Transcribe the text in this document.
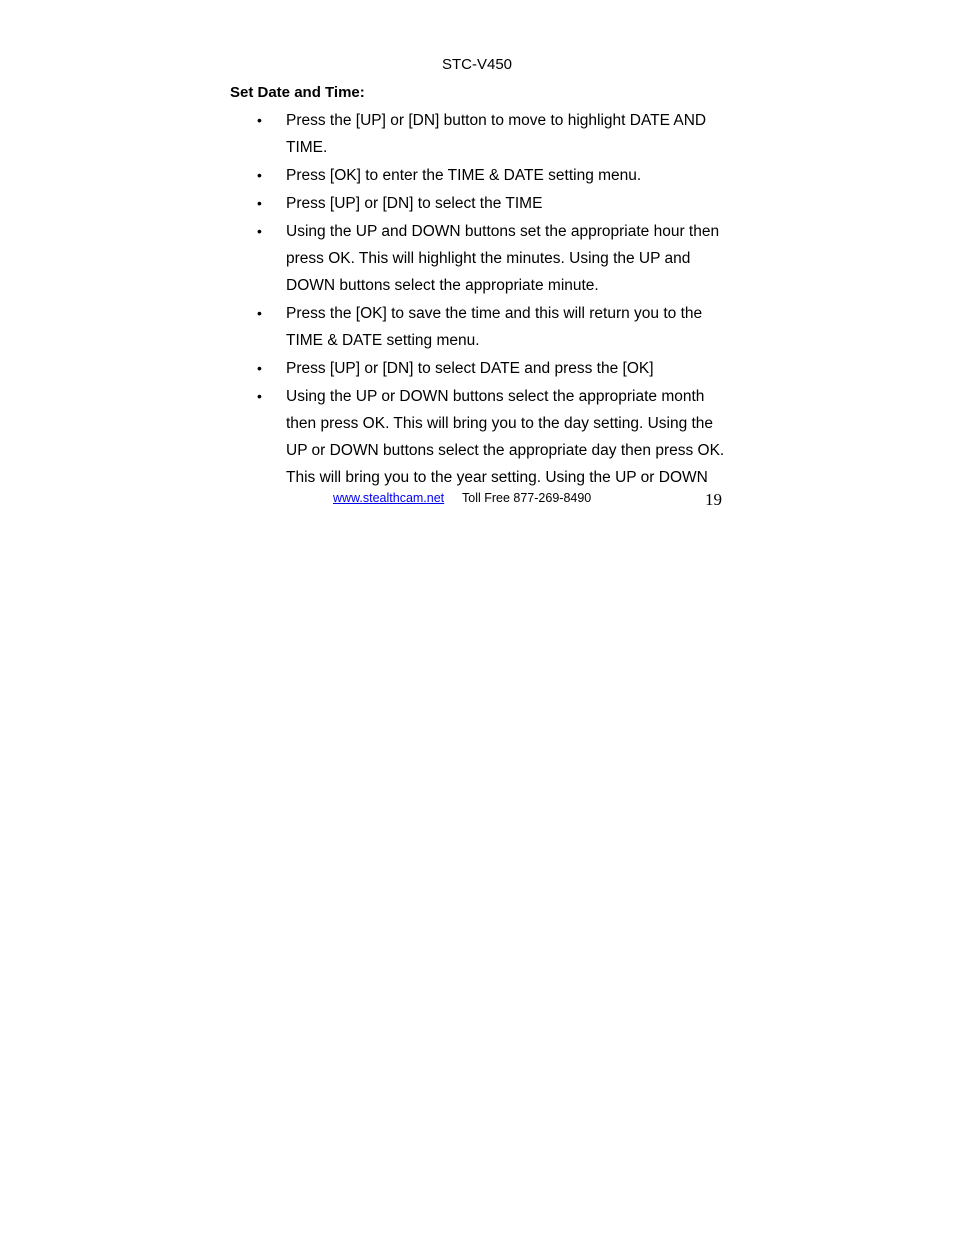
STC-V450
Set Date and Time:
•	Press the [UP] or [DN] button to move to highlight DATE AND TIME.
•	Press [OK] to enter the TIME & DATE setting menu.
•	Press [UP] or [DN] to select the TIME
•	Using the UP and DOWN buttons set the appropriate hour then press OK. This will highlight the minutes. Using the UP and DOWN buttons select the appropriate minute.
•	Press the [OK] to save the time and this will return you to the TIME & DATE setting menu.
•	Press [UP] or [DN] to select DATE and press the [OK]
•	Using the UP or DOWN buttons select the appropriate month then press OK. This will bring you to the day setting. Using the UP or DOWN buttons select the appropriate day then press OK. This will bring you to the year setting. Using the UP or DOWN
www.stealthcam.net Toll Free 877-269-8490	19
